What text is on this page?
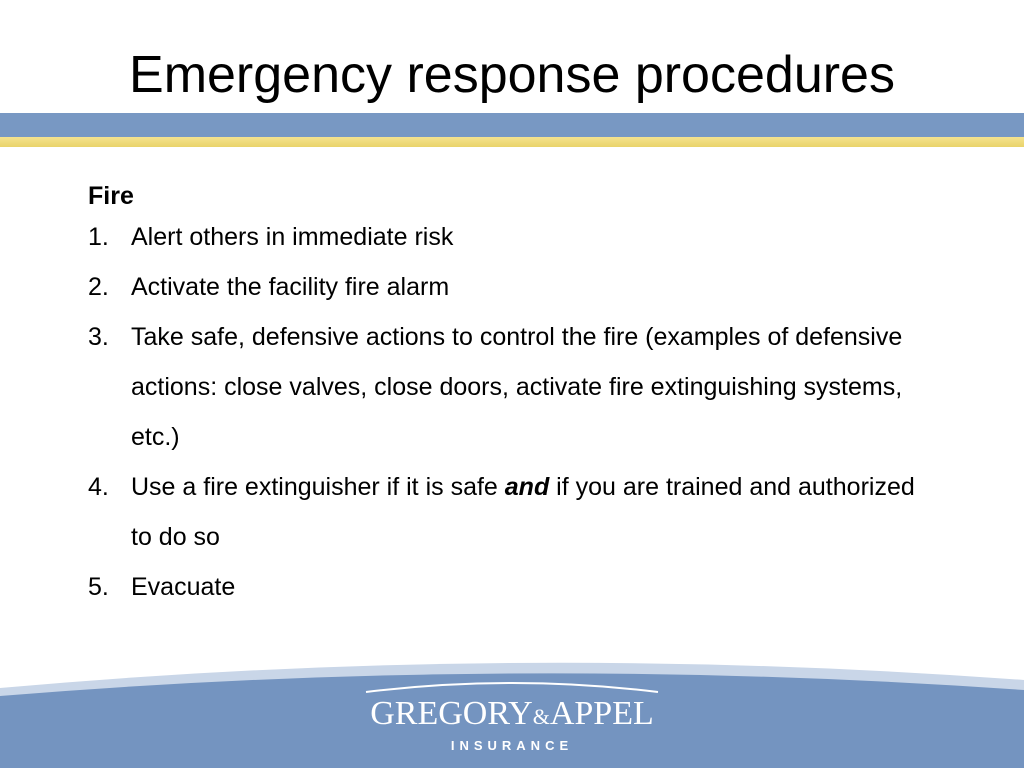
Emergency response procedures

Fire

1. Alert others in immediate risk
2. Activate the facility fire alarm
3. Take safe, defensive actions to control the fire (examples of defensive actions: close valves, close doors, activate fire extinguishing systems, etc.)
4. Use a fire extinguisher if it is safe and if you are trained and authorized to do so
5. Evacuate
GREGORY&APPEL
INSURANCE
